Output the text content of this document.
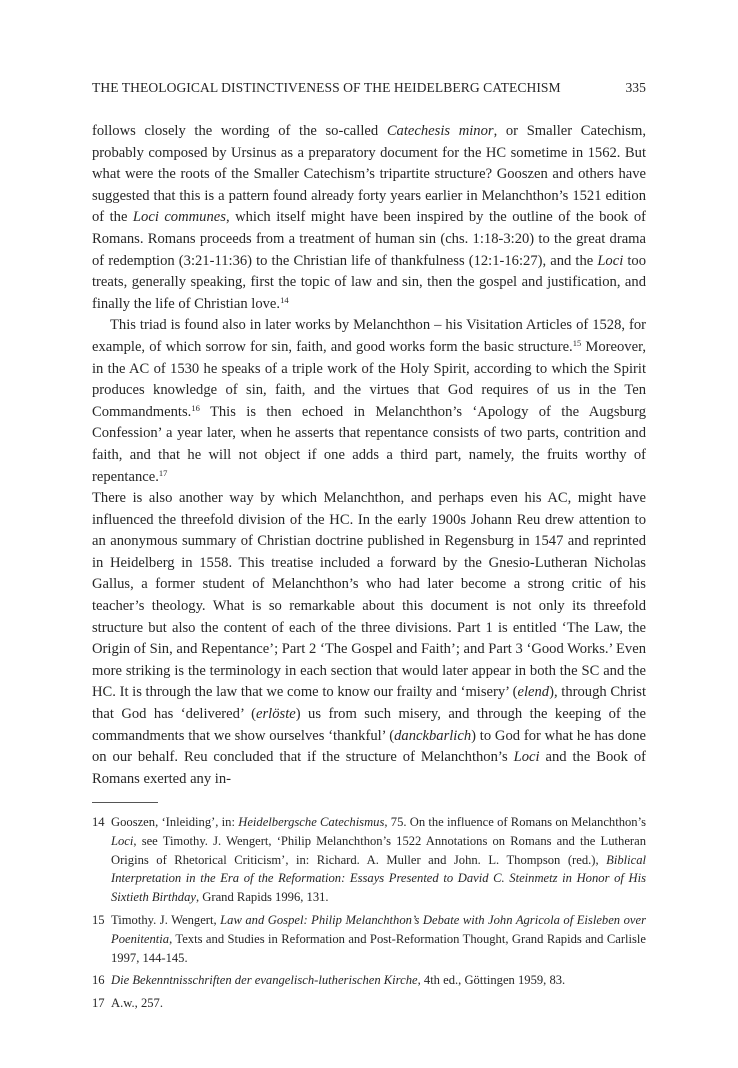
THE THEOLOGICAL DISTINCTIVENESS OF THE HEIDELBERG CATECHISM	335

follows closely the wording of the so-called Catechesis minor, or Smaller Catechism, probably composed by Ursinus as a preparatory document for the HC sometime in 1562. But what were the roots of the Smaller Catechism’s tripartite structure? Gooszen and others have suggested that this is a pattern found already forty years earlier in Melanchthon’s 1521 edition of the Loci communes, which itself might have been inspired by the outline of the book of Romans. Romans proceeds from a treatment of human sin (chs. 1:18-3:20) to the great drama of redemption (3:21-11:36) to the Christian life of thankfulness (12:1-16:27), and the Loci too treats, generally speaking, first the topic of law and sin, then the gospel and justification, and finally the life of Christian love.$^{14}$

This triad is found also in later works by Melanchthon – his Visitation Articles of 1528, for example, of which sorrow for sin, faith, and good works form the basic structure.$^{15}$ Moreover, in the AC of 1530 he speaks of a triple work of the Holy Spirit, according to which the Spirit produces knowledge of sin, faith, and the virtues that God requires of us in the Ten Commandments.$^{16}$ This is then echoed in Melanchthon’s ‘Apology of the Augsburg Confession’ a year later, when he asserts that repentance consists of two parts, contrition and faith, and that he will not object if one adds a third part, namely, the fruits worthy of repentance.$^{17}$

There is also another way by which Melanchthon, and perhaps even his AC, might have influenced the threefold division of the HC. In the early 1900s Johann Reu drew attention to an anonymous summary of Christian doctrine published in Regensburg in 1547 and reprinted in Heidelberg in 1558. This treatise included a forward by the Gnesio-Lutheran Nicholas Gallus, a former student of Melanchthon’s who had later become a strong critic of his teacher’s theology. What is so remarkable about this document is not only its threefold structure but also the content of each of the three divisions. Part 1 is entitled ‘The Law, the Origin of Sin, and Repentance’; Part 2 ‘The Gospel and Faith’; and Part 3 ‘Good Works.’ Even more striking is the terminology in each section that would later appear in both the SC and the HC. It is through the law that we come to know our frailty and ‘misery’ (elend), through Christ that God has ‘delivered’ (erlöste) us from such misery, and through the keeping of the commandments that we show ourselves ‘thankful’ (danckbarlich) to God for what he has done on our behalf. Reu concluded that if the structure of Melanchthon’s Loci and the Book of Romans exerted any in-

14 Gooszen, ‘Inleiding’, in: Heidelbergsche Catechismus, 75. On the influence of Romans on Melanchthon’s Loci, see Timothy. J. Wengert, ‘Philip Melanchthon’s 1522 Annotations on Romans and the Lutheran Origins of Rhetorical Criticism’, in: Richard. A. Muller and John. L. Thompson (red.), Biblical Interpretation in the Era of the Reformation: Essays Presented to David C. Steinmetz in Honor of His Sixtieth Birthday, Grand Rapids 1996, 131.
15 Timothy. J. Wengert, Law and Gospel: Philip Melanchthon’s Debate with John Agricola of Eisleben over Poenitentia, Texts and Studies in Reformation and Post-Reformation Thought, Grand Rapids and Carlisle 1997, 144-145.
16 Die Bekenntnisschriften der evangelisch-lutherischen Kirche, 4th ed., Göttingen 1959, 83.
17 A.w., 257.
